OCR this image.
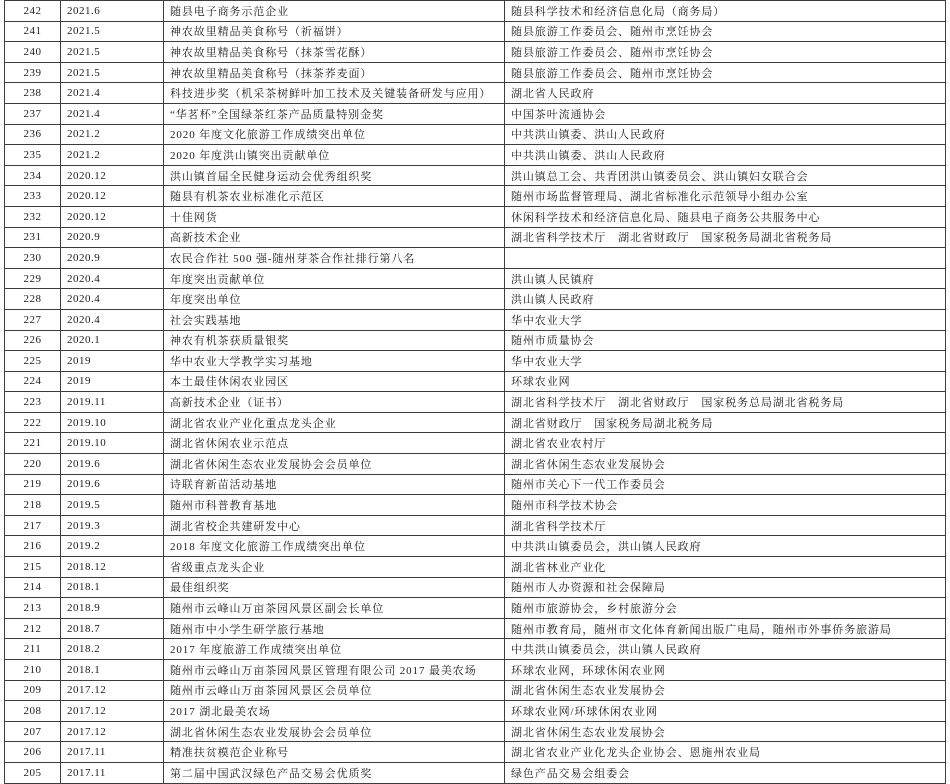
242	2021.6	随县电子商务示范企业	随县科学技术和经济信息化局（商务局）
241	2021.5	神农故里精品美食称号（祈福饼）	随县旅游工作委员会、随州市烹饪协会
240	2021.5	神农故里精品美食称号（抹茶雪花酥）	随县旅游工作委员会、随州市烹饪协会
239	2021.5	神农故里精品美食称号（抹茶荞麦面）	随县旅游工作委员会、随州市烹饪协会
238	2021.4	科技进步奖（机采茶树鲜叶加工技术及关键装备研发与应用）	湖北省人民政府
237	2021.4	“华茗杯”全国绿茶红茶产品质量特别金奖	中国茶叶流通协会
236	2021.2	2020 年度文化旅游工作成绩突出单位	中共洪山镇委、洪山人民政府
235	2021.2	2020 年度洪山镇突出贡献单位	中共洪山镇委、洪山人民政府
234	2020.12	洪山镇首届全民健身运动会优秀组织奖	洪山镇总工会、共青团洪山镇委员会、洪山镇妇女联合会
233	2020.12	随县有机茶农业标准化示范区	随州市场监督管理局、湖北省标准化示范领导小组办公室
232	2020.12	十佳网货	休闲科学技术和经济信息化局、随县电子商务公共服务中心
231	2020.9	高新技术企业	湖北省科学技术厅　湖北省财政厅　国家税务局湖北省税务局
230	2020.9	农民合作社 500 强-随州芽茶合作社排行第八名	
229	2020.4	年度突出贡献单位	洪山镇人民镇府
228	2020.4	年度突出单位	洪山镇人民政府
227	2020.4	社会实践基地	华中农业大学
226	2020.1	神农有机茶获质量银奖	随州市质量协会
225	2019	华中农业大学教学实习基地	华中农业大学
224	2019	本土最佳休闲农业园区	环球农业网
223	2019.11	高新技术企业（证书）	湖北省科学技术厅　湖北省财政厅　国家税务总局湖北省税务局
222	2019.10	湖北省农业产业化重点龙头企业	湖北省财政厅　国家税务局湖北税务局
221	2019.10	湖北省休闲农业示范点	湖北省农业农村厅
220	2019.6	湖北省休闲生态农业发展协会会员单位	湖北省休闲生态农业发展协会
219	2019.6	诗联育新苗活动基地	随州市关心下一代工作委员会
218	2019.5	随州市科普教育基地	随州市科学技术协会
217	2019.3	湖北省校企共建研发中心	湖北省科学技术厅
216	2019.2	2018 年度文化旅游工作成绩突出单位	中共洪山镇委员会，洪山镇人民政府
215	2018.12	省级重点龙头企业	湖北省林业产业化
214	2018.1	最佳组织奖	随州市人办资源和社会保障局
213	2018.9	随州市云峰山万亩茶园风景区副会长单位	随州市旅游协会，乡村旅游分会
212	2018.7	随州市中小学生研学旅行基地	随州市教育局，随州市文化体育新闻出版广电局，随州市外事侨务旅游局
211	2018.2	2017 年度旅游工作成绩突出单位	中共洪山镇委员会，洪山镇人民政府
210	2018.1	随州市云峰山万亩茶园风景区管理有限公司 2017 最美农场	环球农业网，环球休闲农业网
209	2017.12	随州市云峰山万亩茶园风景区会员单位	湖北省休闲生态农业发展协会
208	2017.12	2017 湖北最美农场	环球农业网/环球休闲农业网
207	2017.12	湖北省休闲生态农业发展协会会员单位	湖北省休闲生态农业发展协会
206	2017.11	精准扶贫模范企业称号	湖北省农业产业化龙头企业协会、恩施州农业局
205	2017.11	第二届中国武汉绿色产品交易会优质奖	绿色产品交易会组委会
